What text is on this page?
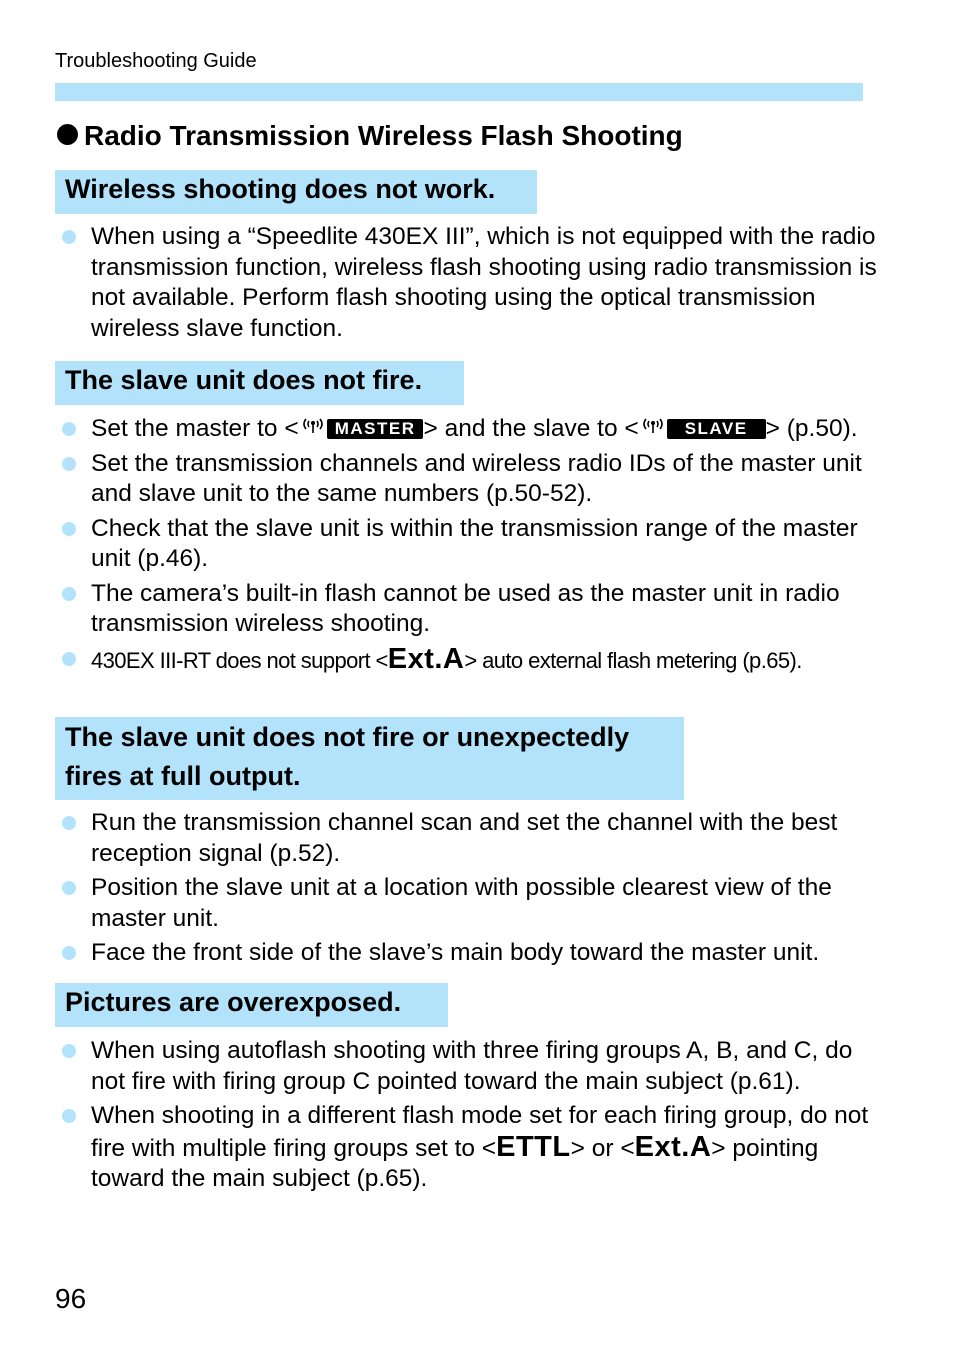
Troubleshooting Guide
Radio Transmission Wireless Flash Shooting
Wireless shooting does not work.
When using a “Speedlite 430EX III”, which is not equipped with the radio transmission function, wireless flash shooting using radio transmission is not available. Perform flash shooting using the optical transmission wireless slave function.
The slave unit does not fire.
Set the master to < MASTER > and the slave to <	SLAVE > (p.50).
Set the transmission channels and wireless radio IDs of the master unit and slave unit to the same numbers (p.50-52).
Check that the slave unit is within the transmission range of the master unit (p.46).
The camera’s built-in flash cannot be used as the master unit in radio transmission wireless shooting.
430EX III-RT does not support <Ext.A> auto external flash metering (p.65).
The slave unit does not fire or unexpectedly
fires at full output.
Run the transmission channel scan and set the channel with the best reception signal (p.52).
Position the slave unit at a location with possible clearest view of the master unit.
Face the front side of the slave’s main body toward the master unit.
Pictures are overexposed.
When using autoflash shooting with three firing groups A, B, and C, do not fire with firing group C pointed toward the main subject (p.61).
When shooting in a different flash mode set for each firing group, do not fire with multiple firing groups set to <ETTL> or <Ext.A> pointing toward the main subject (p.65).
96
